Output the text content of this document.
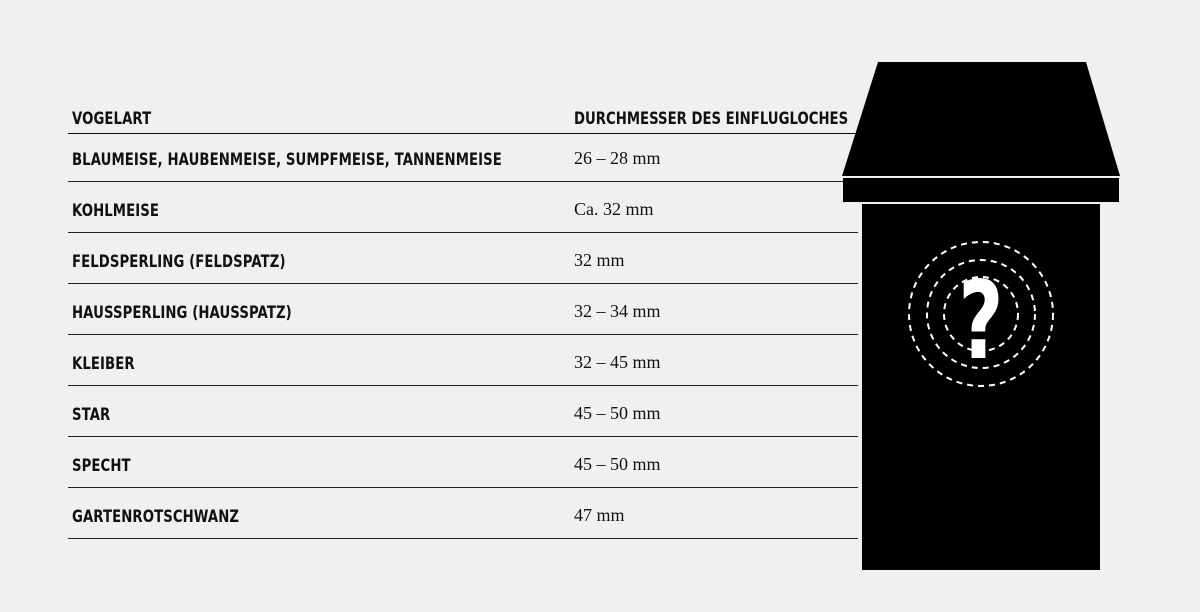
VOGELART	DURCHMESSER DES EINFLUGLOCHES
BLAUMEISE, HAUBENMEISE, SUMPFMEISE, TANNENMEISE	26 – 28 mm
KOHLMEISE	Ca. 32 mm
FELDSPERLING (FELDSPATZ)	32 mm
HAUSSPERLING (HAUSSPATZ)	32 – 34 mm
KLEIBER	32 – 45 mm
STAR	45 – 50 mm
SPECHT	45 – 50 mm
GARTENROTSCHWANZ	47 mm
?
